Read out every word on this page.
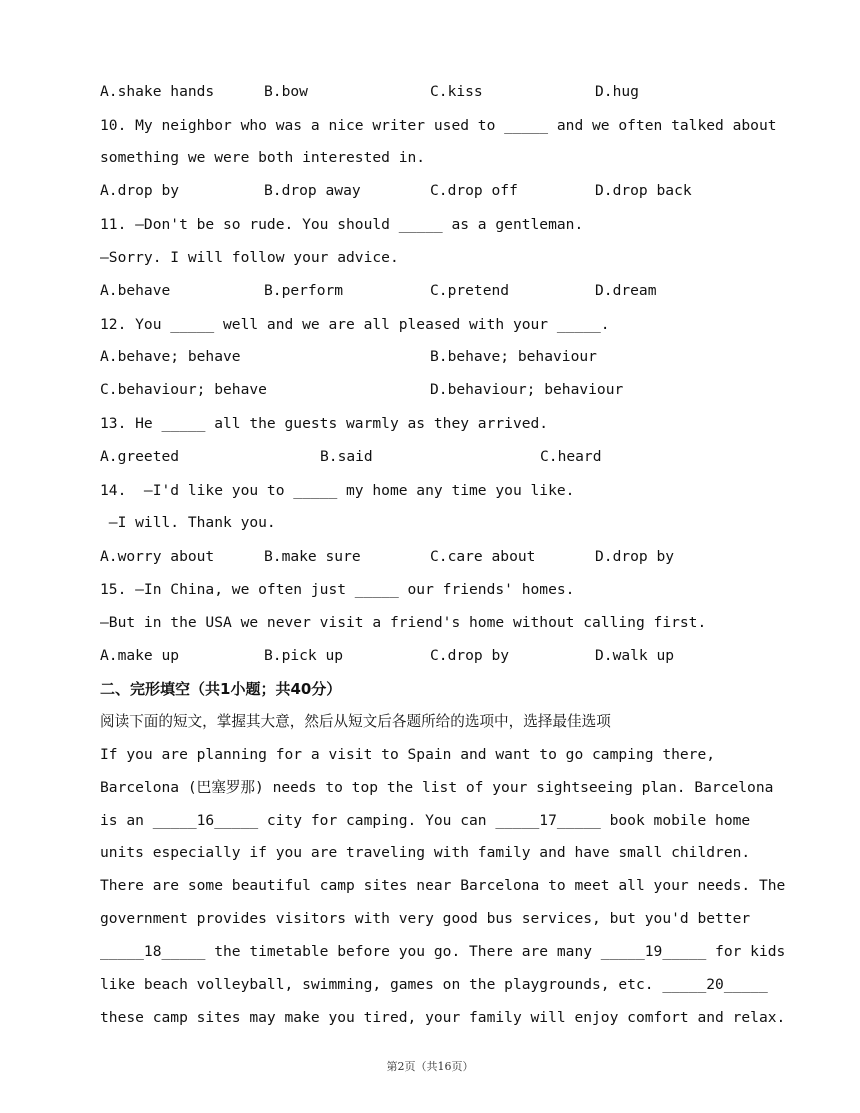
A.shake hands	B.bow	C.kiss	D.hug
10. My neighbor who was a nice writer used to _____ and we often talked about
something we were both interested in.
A.drop by	B.drop away	C.drop off	D.drop back
11. —Don't be so rude. You should _____ as a gentleman.
—Sorry. I will follow your advice.
A.behave	B.perform	C.pretend	D.dream
12. You _____ well and we are all pleased with your _____.
A.behave; behave	B.behave; behaviour
C.behaviour; behave	D.behaviour; behaviour
13. He _____ all the guests warmly as they arrived.
A.greeted	B.said	C.heard
14.  —I'd like you to _____ my home any time you like.
—I will. Thank you.
A.worry about	B.make sure	C.care about	D.drop by
15. —In China, we often just _____ our friends' homes.
—But in the USA we never visit a friend's home without calling first.
A.make up	B.pick up	C.drop by	D.walk up
二、完形填空（共1小题；共40分）
阅读下面的短文，掌握其大意，然后从短文后各题所给的选项中，选择最佳选项
If you are planning for a visit to Spain and want to go camping there,
Barcelona (巴塞罗那) needs to top the list of your sightseeing plan. Barcelona
is an _____16_____ city for camping. You can _____17_____ book mobile home
units especially if you are traveling with family and have small children.
There are some beautiful camp sites near Barcelona to meet all your needs. The
government provides visitors with very good bus services, but you'd better
_____18_____ the timetable before you go. There are many _____19_____ for kids
like beach volleyball, swimming, games on the playgrounds, etc. _____20_____
these camp sites may make you tired, your family will enjoy comfort and relax.
第2页（共16页）
